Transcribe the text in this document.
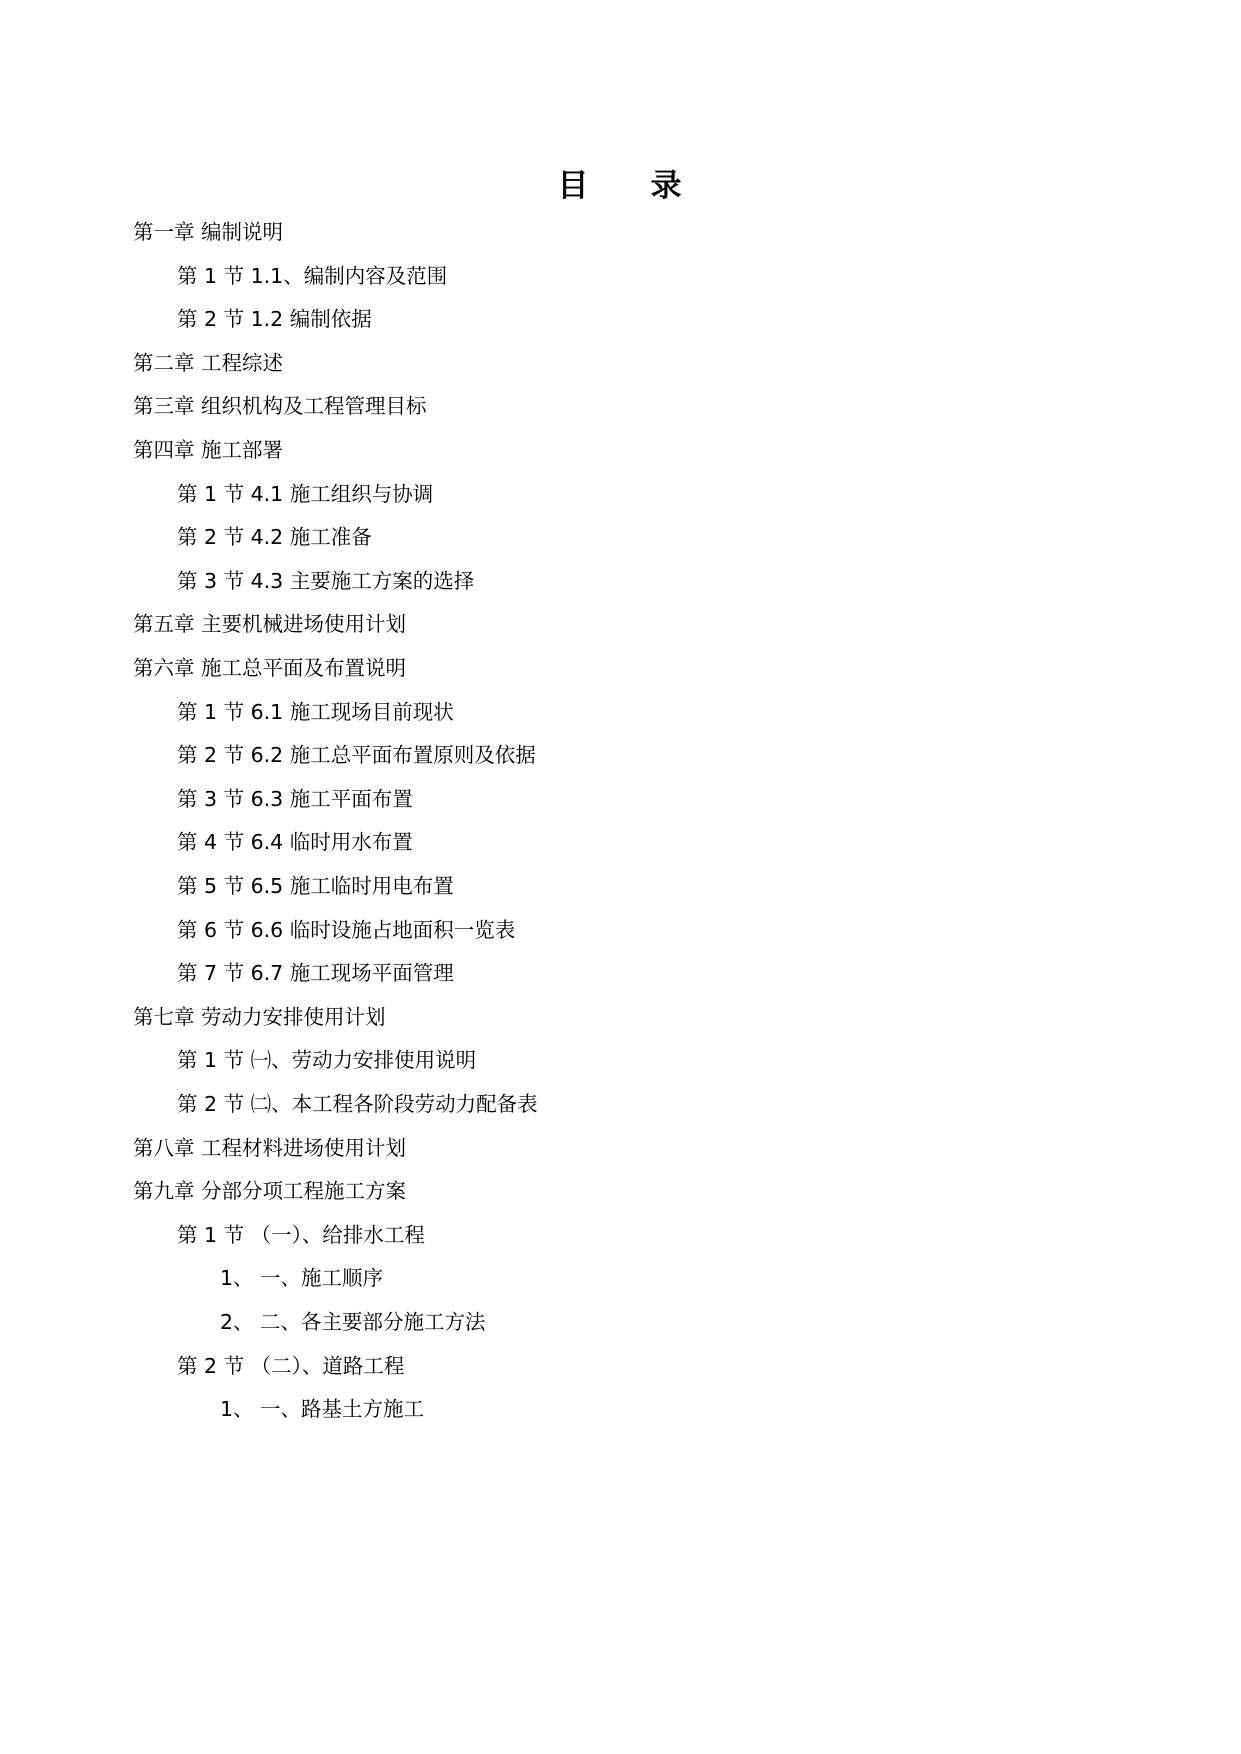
目 录
第一章 编制说明
第 1 节 1.1、编制内容及范围
第 2 节 1.2 编制依据
第二章 工程综述
第三章 组织机构及工程管理目标
第四章 施工部署
第 1 节 4.1 施工组织与协调
第 2 节 4.2 施工准备
第 3 节 4.3 主要施工方案的选择
第五章 主要机械进场使用计划
第六章 施工总平面及布置说明
第 1 节 6.1 施工现场目前现状
第 2 节 6.2 施工总平面布置原则及依据
第 3 节 6.3 施工平面布置
第 4 节 6.4 临时用水布置
第 5 节 6.5 施工临时用电布置
第 6 节 6.6 临时设施占地面积一览表
第 7 节 6.7 施工现场平面管理
第七章 劳动力安排使用计划
第 1 节 ㈠、劳动力安排使用说明
第 2 节 ㈡、本工程各阶段劳动力配备表
第八章 工程材料进场使用计划
第九章 分部分项工程施工方案
第 1 节 （一）、给排水工程
1、 一、施工顺序
2、 二、各主要部分施工方法
第 2 节 （二）、道路工程
1、 一、路基土方施工
